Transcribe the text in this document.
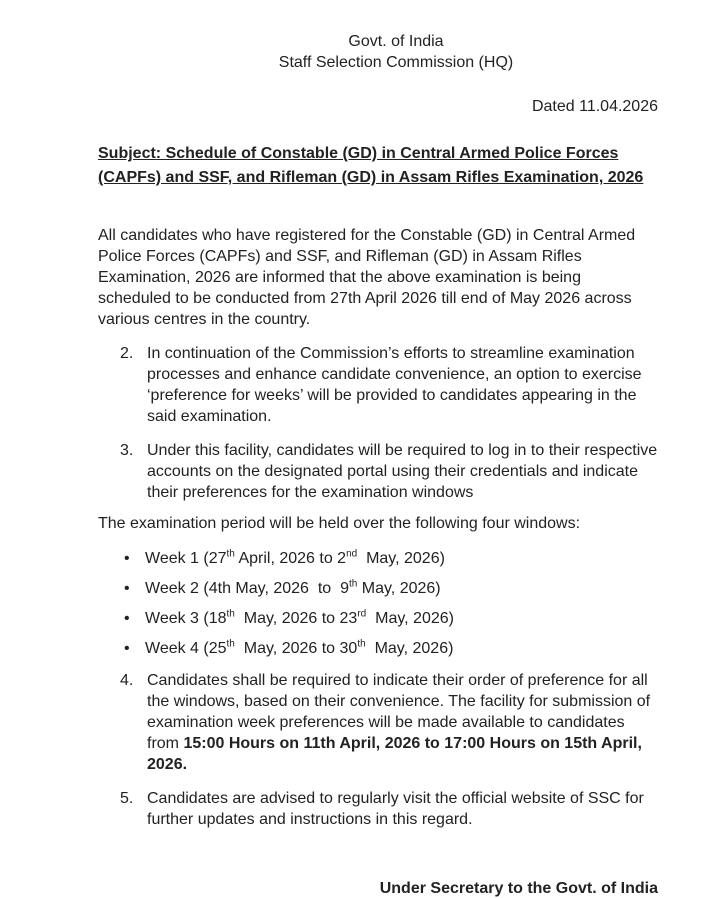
Govt. of India
Staff Selection Commission (HQ)
Dated 11.04.2026
Subject: Schedule of Constable (GD) in Central Armed Police Forces
(CAPFs) and SSF, and Rifleman (GD) in Assam Rifles Examination, 2026
All candidates who have registered for the Constable (GD) in Central Armed Police Forces (CAPFs) and SSF, and Rifleman (GD) in Assam Rifles Examination, 2026 are informed that the above examination is being scheduled to be conducted from 27th April 2026 till end of May 2026 across various centres in the country.
2. In continuation of the Commission’s efforts to streamline examination processes and enhance candidate convenience, an option to exercise ‘preference for weeks’ will be provided to candidates appearing in the said examination.
3. Under this facility, candidates will be required to log in to their respective accounts on the designated portal using their credentials and indicate their preferences for the examination windows
The examination period will be held over the following four windows:
•
Week 1 (27th April, 2026 to 2nd  May, 2026)
•
Week 2 (4th May, 2026  to  9th May, 2026)
•
Week 3 (18th  May, 2026 to 23rd  May, 2026)
•
Week 4 (25th  May, 2026 to 30th  May, 2026)
4. Candidates shall be required to indicate their order of preference for all the windows, based on their convenience. The facility for submission of examination week preferences will be made available to candidates from 15:00 Hours on 11th April, 2026 to 17:00 Hours on 15th April, 2026.
5. Candidates are advised to regularly visit the official website of SSC for further updates and instructions in this regard.
Under Secretary to the Govt. of India
